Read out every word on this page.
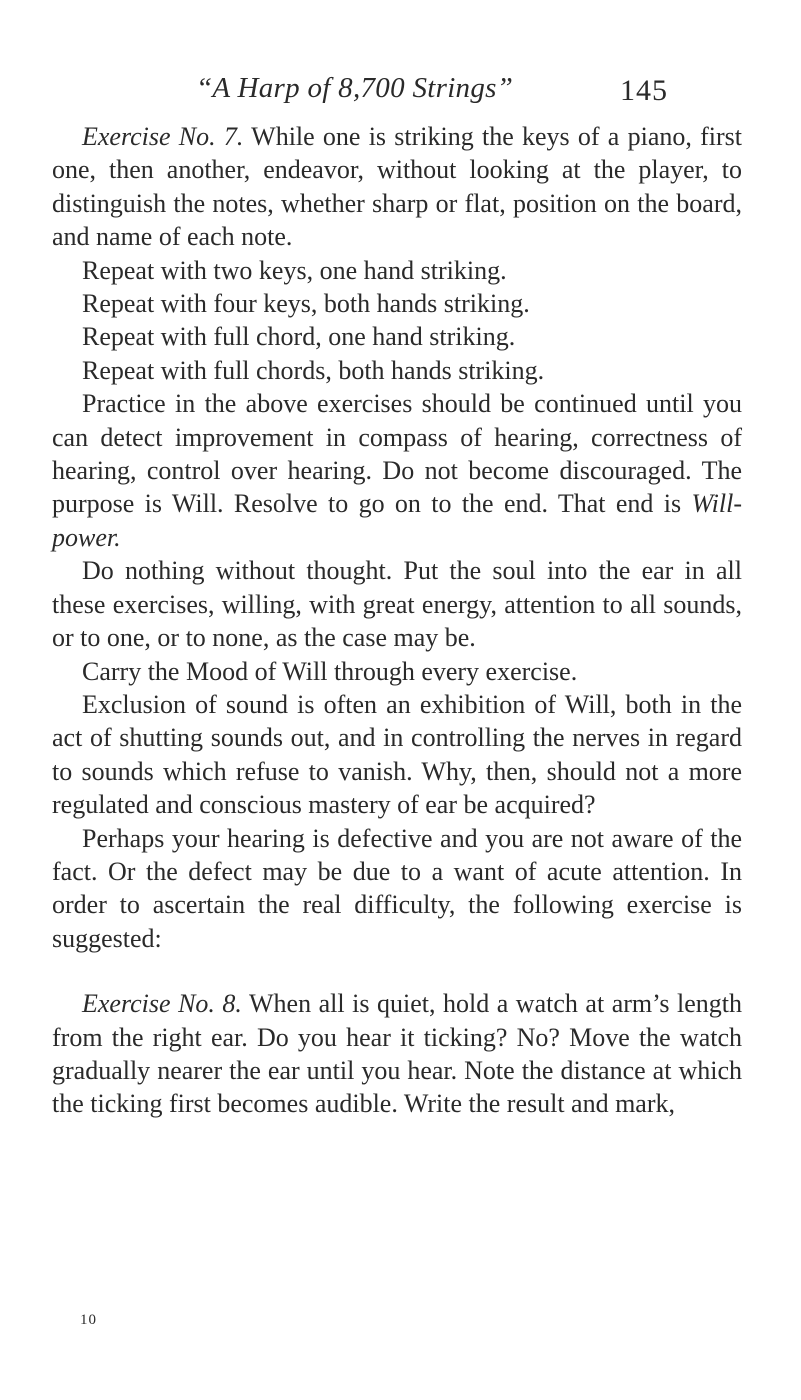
“A Harp of 8,700 Strings”	145

Exercise No. 7. While one is striking the keys of a piano, first one, then another, endeavor, without looking at the player, to distinguish the notes, whether sharp or flat, position on the board, and name of each note.

Repeat with two keys, one hand striking.

Repeat with four keys, both hands striking.

Repeat with full chord, one hand striking.

Repeat with full chords, both hands striking.

Practice in the above exercises should be continued until you can detect improvement in compass of hearing, correctness of hearing, control over hearing. Do not become discouraged. The purpose is Will. Resolve to go on to the end. That end is Will-power.

Do nothing without thought. Put the soul into the ear in all these exercises, willing, with great energy, attention to all sounds, or to one, or to none, as the case may be.

Carry the Mood of Will through every exercise.

Exclusion of sound is often an exhibition of Will, both in the act of shutting sounds out, and in controlling the nerves in regard to sounds which refuse to vanish. Why, then, should not a more regulated and conscious mastery of ear be acquired?

Perhaps your hearing is defective and you are not aware of the fact. Or the defect may be due to a want of acute attention. In order to ascertain the real difficulty, the following exercise is suggested:

Exercise No. 8. When all is quiet, hold a watch at arm’s length from the right ear. Do you hear it ticking? No? Move the watch gradually nearer the ear until you hear. Note the distance at which the ticking first becomes audible. Write the result and mark,

10
